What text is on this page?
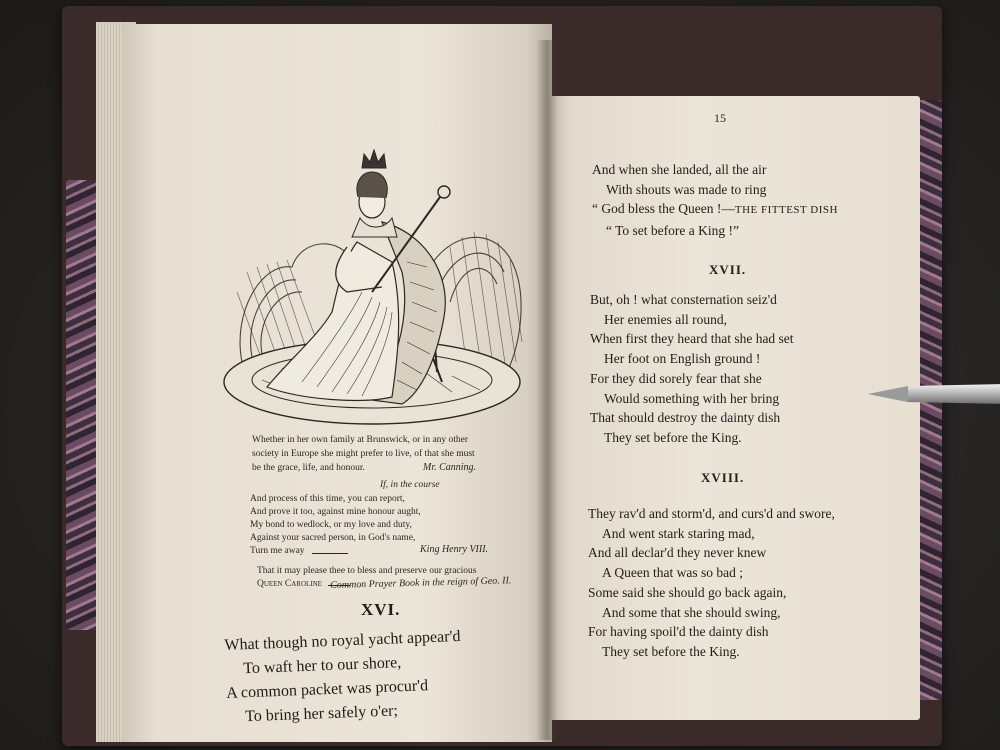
Whether in her own family at Brunswick, or in any other
society in Europe she might prefer to live, of that she must
be the grace, life, and honour.	Mr. Canning.
If, in the course
And process of this time, you can report,
And prove it too, against mine honour aught,
My bond to wedlock, or my love and duty,
Against your sacred person, in God's name,
Turn me away	King Henry VIII.
That it may please thee to bless and preserve our gracious
Queen Caroline Common Prayer Book in the reign of Geo. II.
XVI.
What though no royal yacht appear'd
To waft her to our shore,
A common packet was procur'd
To bring her safely o'er;
15
And when she landed, all the air
With shouts was made to ring
“ God bless the Queen !—THE FITTEST DISH
“ To set before a King !”
XVII.
But, oh ! what consternation seiz'd
Her enemies all round,
When first they heard that she had set
Her foot on English ground !
For they did sorely fear that she
Would something with her bring
That should destroy the dainty dish
They set before the King.
XVIII.
They rav'd and storm'd, and curs'd and swore,
And went stark staring mad,
And all declar'd they never knew
A Queen that was so bad ;
Some said she should go back again,
And some that she should swing,
For having spoil'd the dainty dish
They set before the King.
